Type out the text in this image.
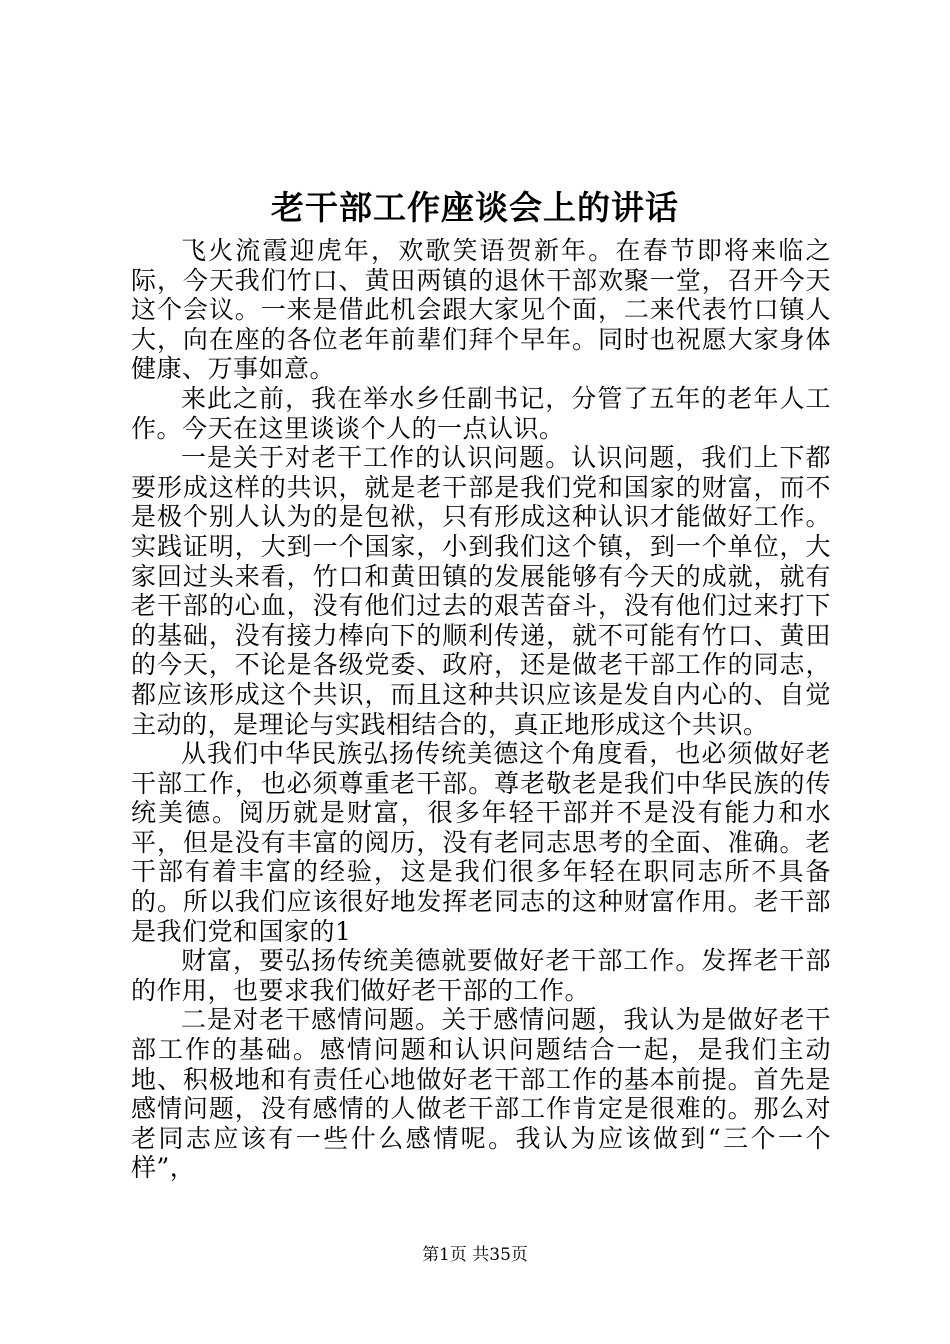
老干部工作座谈会上的讲话

飞火流霞迎虎年，欢歌笑语贺新年。在春节即将来临之际，今天我们竹口、黄田两镇的退休干部欢聚一堂，召开今天这个会议。一来是借此机会跟大家见个面，二来代表竹口镇人大，向在座的各位老年前辈们拜个早年。同时也祝愿大家身体健康、万事如意。

来此之前，我在举水乡任副书记，分管了五年的老年人工作。今天在这里谈谈个人的一点认识。

一是关于对老干工作的认识问题。认识问题，我们上下都要形成这样的共识，就是老干部是我们党和国家的财富，而不是极个别人认为的是包袱，只有形成这种认识才能做好工作。实践证明，大到一个国家，小到我们这个镇，到一个单位，大家回过头来看，竹口和黄田镇的发展能够有今天的成就，就有老干部的心血，没有他们过去的艰苦奋斗，没有他们过来打下的基础，没有接力棒向下的顺利传递，就不可能有竹口、黄田的今天，不论是各级党委、政府，还是做老干部工作的同志，都应该形成这个共识，而且这种共识应该是发自内心的、自觉主动的，是理论与实践相结合的，真正地形成这个共识。

从我们中华民族弘扬传统美德这个角度看，也必须做好老干部工作，也必须尊重老干部。尊老敬老是我们中华民族的传统美德。阅历就是财富，很多年轻干部并不是没有能力和水平，但是没有丰富的阅历，没有老同志思考的全面、准确。老干部有着丰富的经验，这是我们很多年轻在职同志所不具备的。所以我们应该很好地发挥老同志的这种财富作用。老干部是我们党和国家的1

财富，要弘扬传统美德就要做好老干部工作。发挥老干部的作用，也要求我们做好老干部的工作。

二是对老干感情问题。关于感情问题，我认为是做好老干部工作的基础。感情问题和认识问题结合一起，是我们主动地、积极地和有责任心地做好老干部工作的基本前提。首先是感情问题，没有感情的人做老干部工作肯定是很难的。那么对老同志应该有一些什么感情呢。我认为应该做到“三个一个样”，

第1页 共35页
